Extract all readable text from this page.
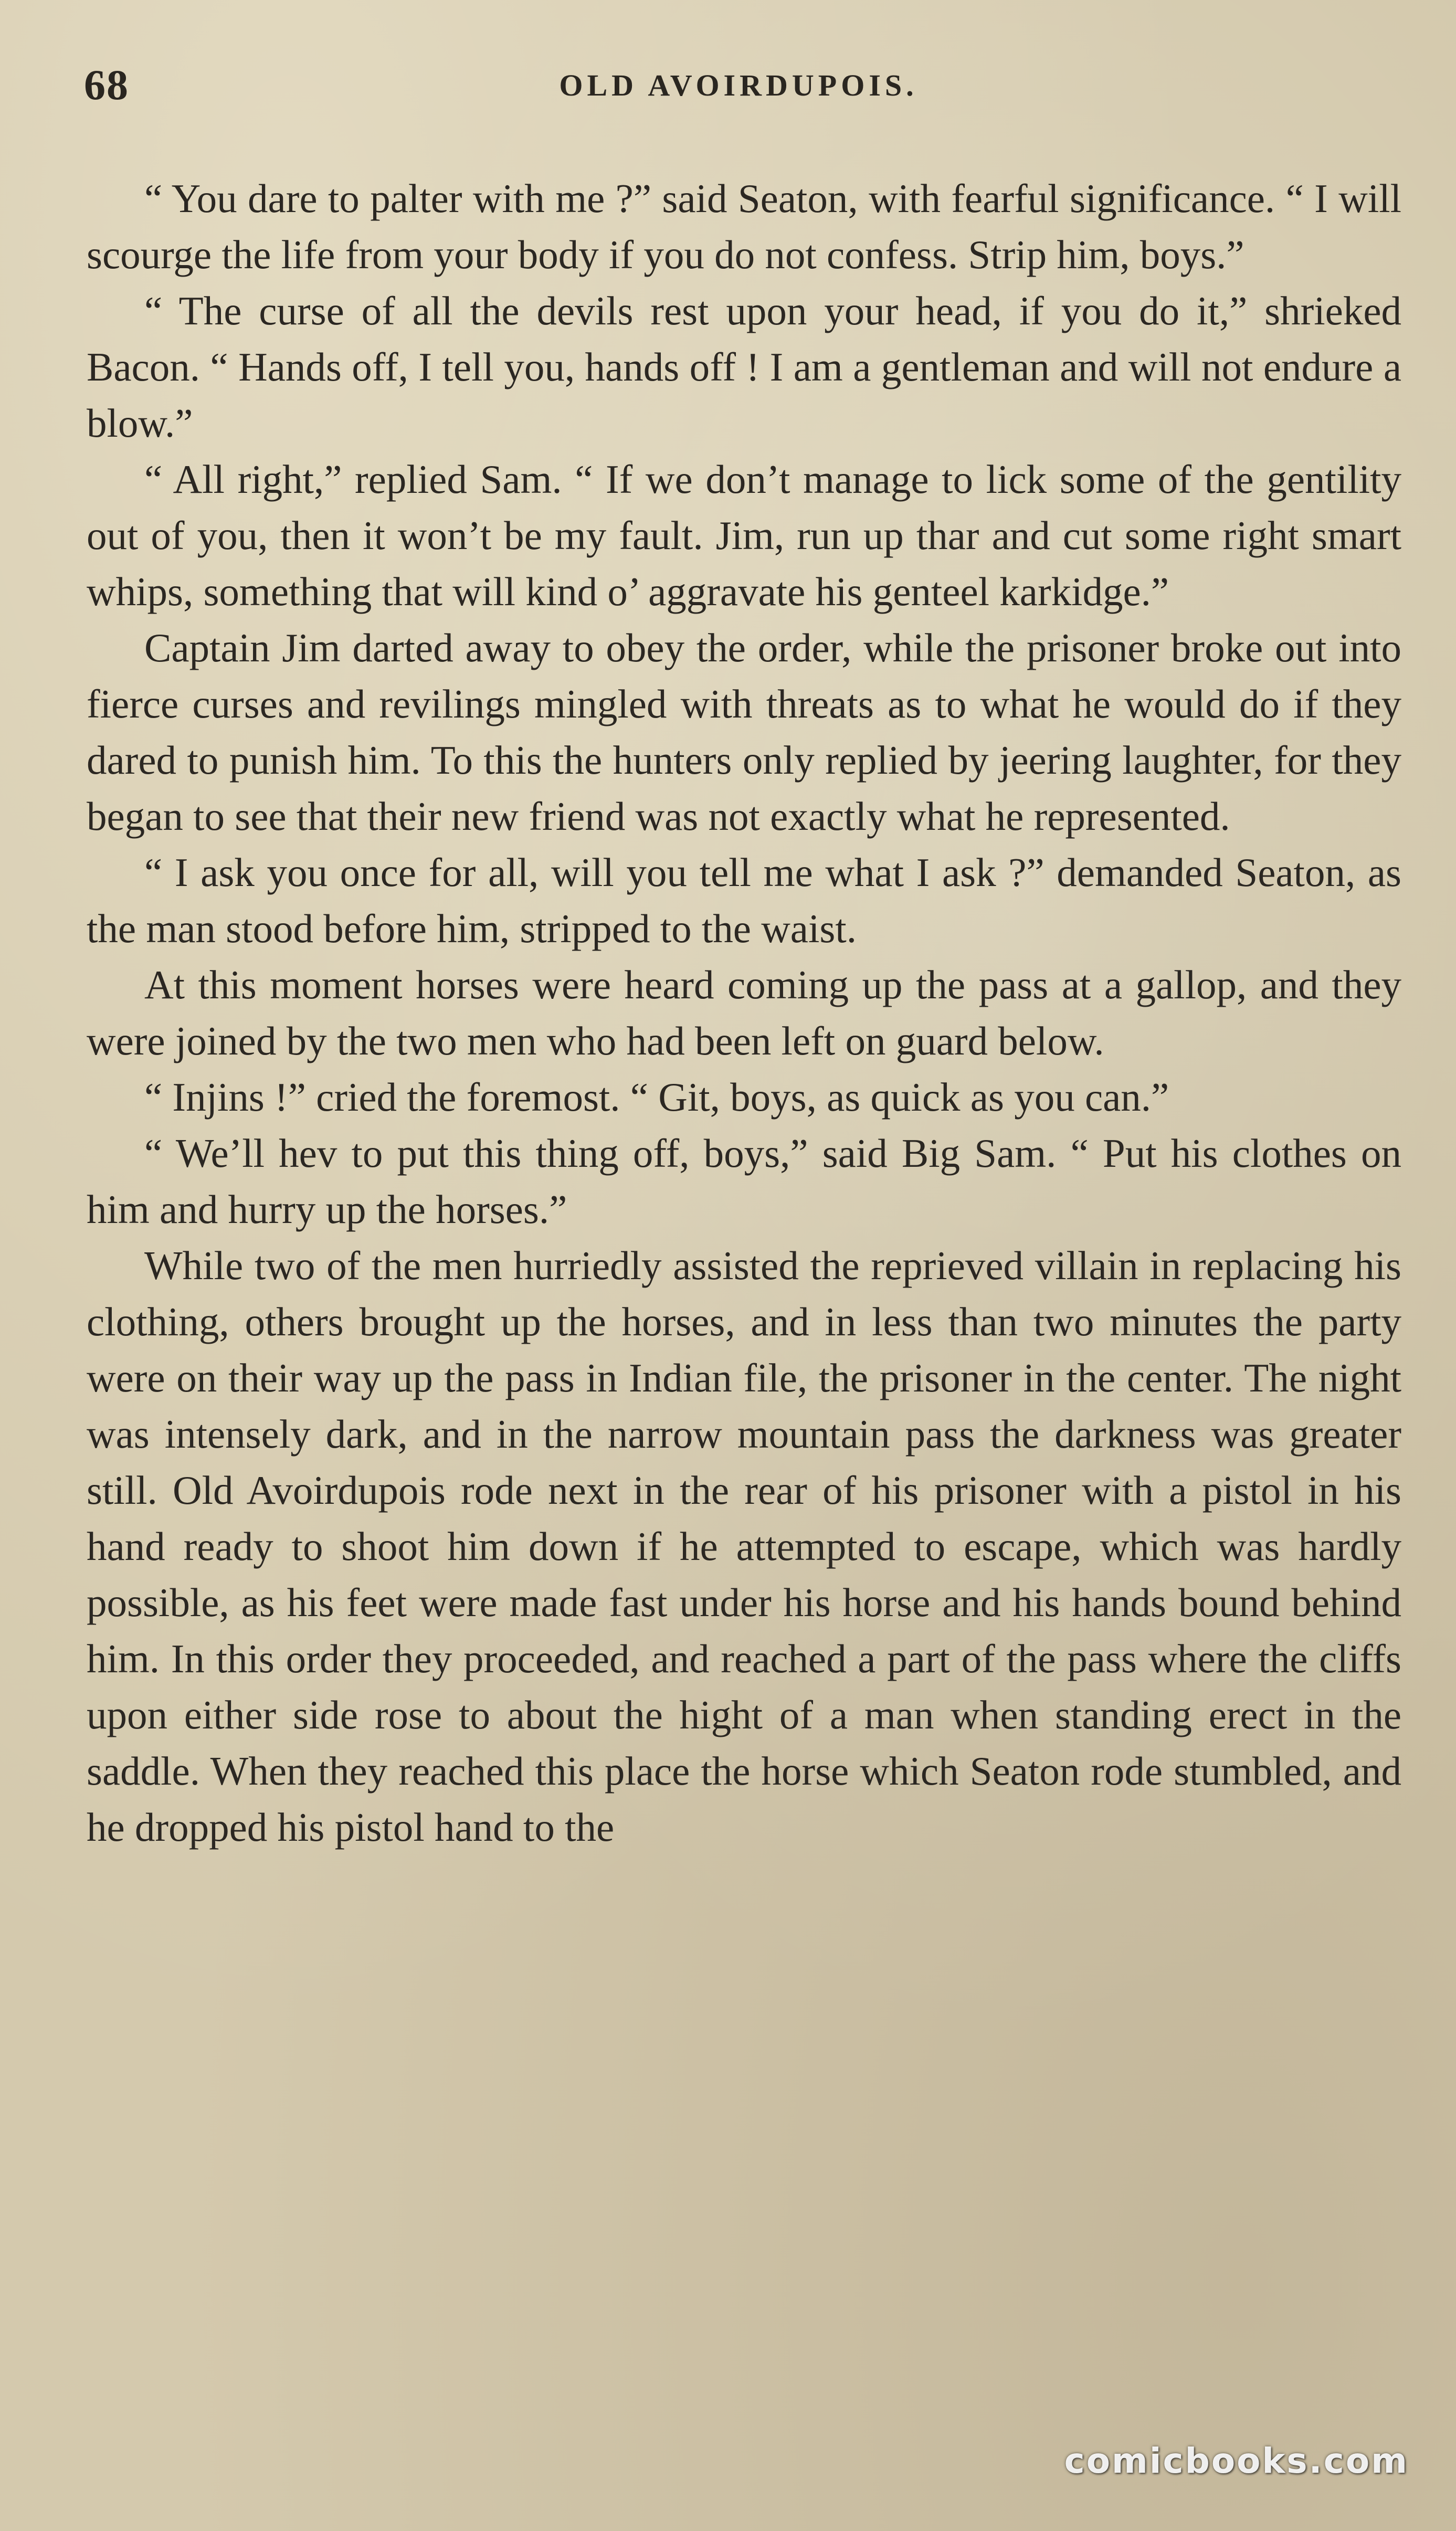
68	OLD AVOIRDUPOIS.

“ You dare to palter with me ?” said Seaton, with fearful significance. “ I will scourge the life from your body if you do not confess. Strip him, boys.”

“ The curse of all the devils rest upon your head, if you do it,” shrieked Bacon. “ Hands off, I tell you, hands off ! I am a gentleman and will not endure a blow.”

“ All right,” replied Sam. “ If we don’t manage to lick some of the gentility out of you, then it won’t be my fault. Jim, run up thar and cut some right smart whips, something that will kind o’ aggravate his genteel karkidge.”

Captain Jim darted away to obey the order, while the prisoner broke out into fierce curses and revilings mingled with threats as to what he would do if they dared to punish him. To this the hunters only replied by jeering laughter, for they began to see that their new friend was not exactly what he represented.

“ I ask you once for all, will you tell me what I ask ?” demanded Seaton, as the man stood before him, stripped to the waist.

At this moment horses were heard coming up the pass at a gallop, and they were joined by the two men who had been left on guard below.

“ Injins !” cried the foremost. “ Git, boys, as quick as you can.”

“ We’ll hev to put this thing off, boys,” said Big Sam. “ Put his clothes on him and hurry up the horses.”

While two of the men hurriedly assisted the reprieved villain in replacing his clothing, others brought up the horses, and in less than two minutes the party were on their way up the pass in Indian file, the prisoner in the center. The night was intensely dark, and in the narrow mountain pass the darkness was greater still. Old Avoirdupois rode next in the rear of his prisoner with a pistol in his hand ready to shoot him down if he attempted to escape, which was hardly possible, as his feet were made fast under his horse and his hands bound behind him. In this order they proceeded, and reached a part of the pass where the cliffs upon either side rose to about the hight of a man when standing erect in the saddle. When they reached this place the horse which Seaton rode stumbled, and he dropped his pistol hand to the

comicbooks.com
